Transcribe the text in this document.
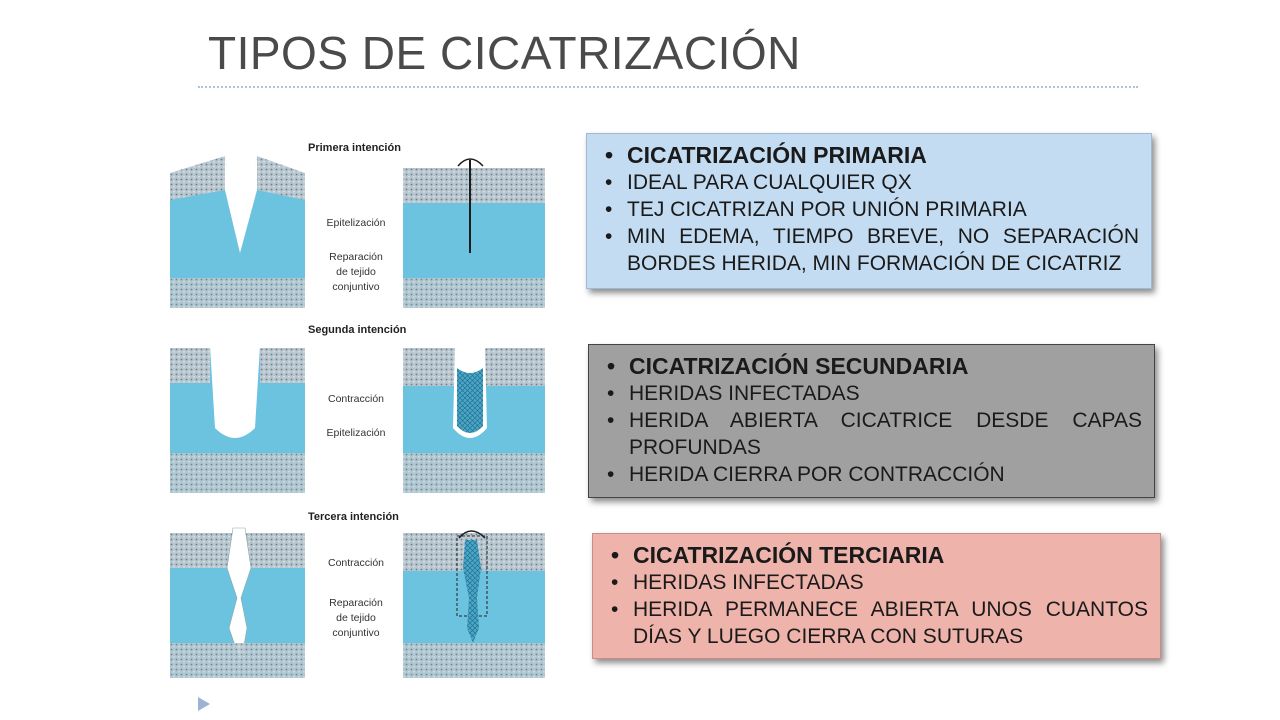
TIPOS DE CICATRIZACIÓN
Primera intención
Epitelización
Reparación
de tejido
conjuntivo
Segunda intención
Contracción
Epitelización
Tercera intención
Contracción
Reparación
de tejido
conjuntivo
• CICATRIZACIÓN PRIMARIA
• IDEAL PARA CUALQUIER QX
• TEJ CICATRIZAN POR UNIÓN PRIMARIA
• MIN EDEMA, TIEMPO BREVE, NO SEPARACIÓN BORDES HERIDA, MIN FORMACIÓN DE CICATRIZ
• CICATRIZACIÓN SECUNDARIA
• HERIDAS INFECTADAS
• HERIDA ABIERTA CICATRICE DESDE CAPAS PROFUNDAS
• HERIDA CIERRA POR CONTRACCIÓN
• CICATRIZACIÓN TERCIARIA
• HERIDAS INFECTADAS
• HERIDA PERMANECE ABIERTA UNOS CUANTOS DÍAS Y LUEGO CIERRA CON SUTURAS
